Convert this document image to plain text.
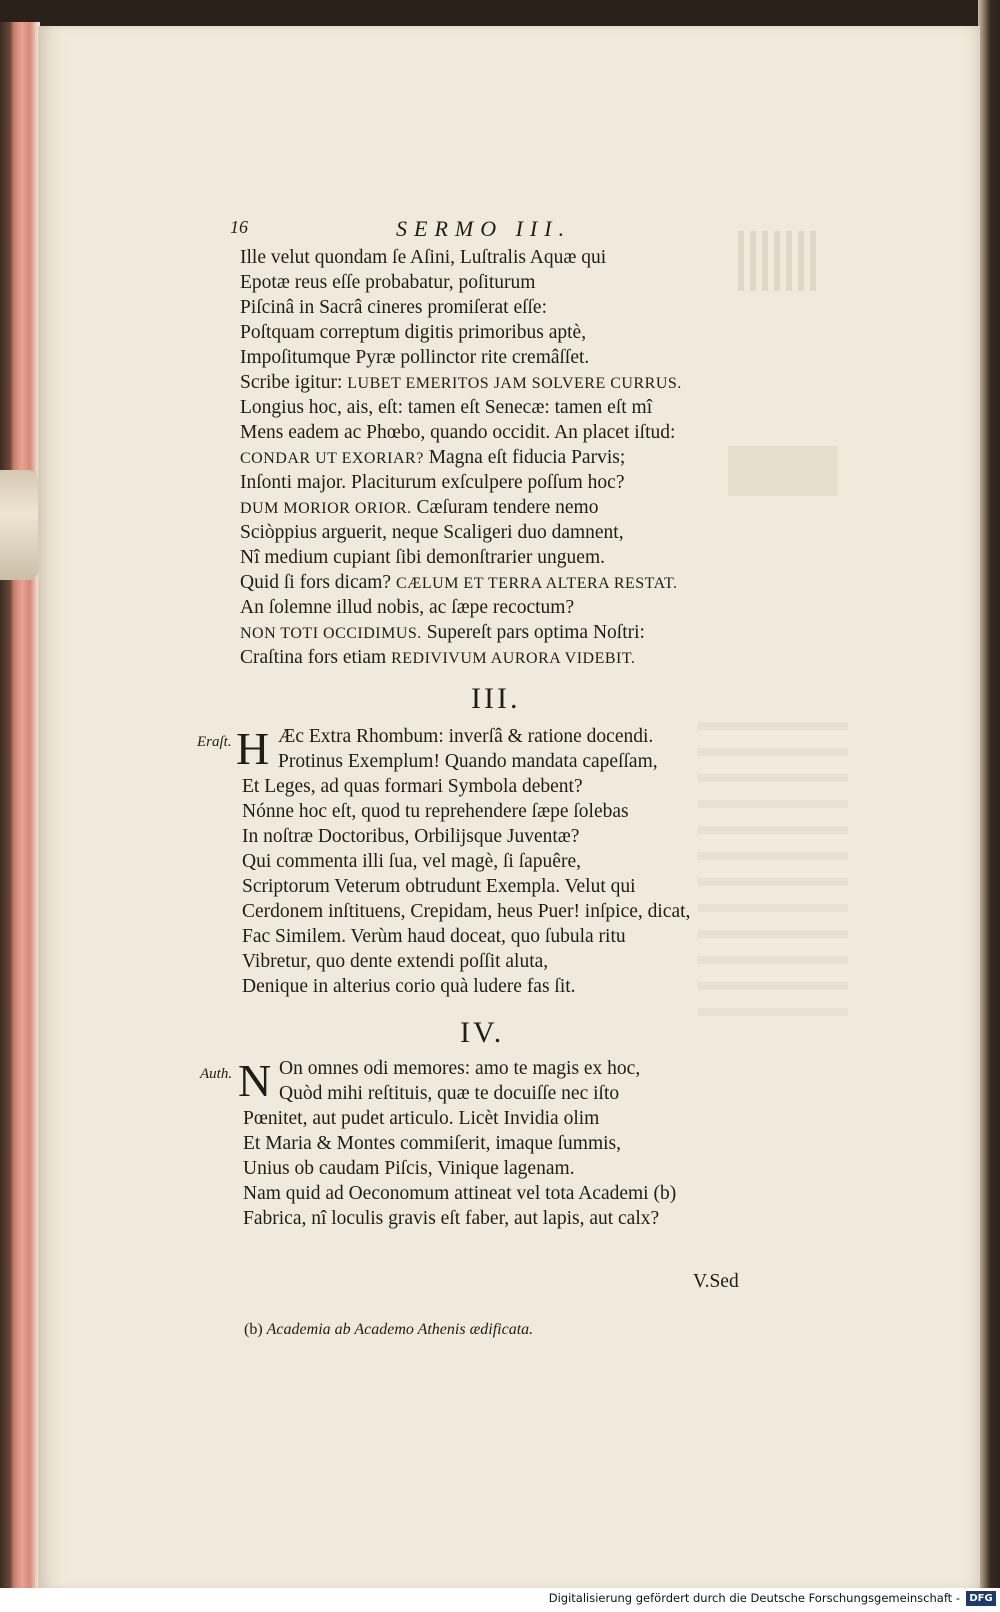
16	SERMO III.
Ille velut quondam ſe Aſini, Luſtralis Aquæ qui
Epotæ reus eſſe probabatur, poſiturum
Piſcinâ in Sacrâ cineres promiſerat eſſe:
Poſtquam correptum digitis primoribus aptè,
Impoſitumque Pyræ pollinctor rite cremâſſet.
Scribe igitur: LUBET EMERITOS JAM SOLVERE CURRUS.
Longius hoc, ais, eſt: tamen eſt Senecæ: tamen eſt mî
Mens eadem ac Phœbo, quando occidit. An placet iſtud:
CONDAR UT EXORIAR? Magna eſt fiducia Parvis;
Inſonti major. Placiturum exſculpere poſſum hoc?
DUM MORIOR ORIOR. Cæſuram tendere nemo
Sciòppius arguerit, neque Scaligeri duo damnent,
Nî medium cupiant ſibi demonſtrarier unguem.
Quid ſi fors dicam? CÆLUM ET TERRA ALTERA RESTAT.
An ſolemne illud nobis, ac ſæpe recoctum?
NON TOTI OCCIDIMUS. Supereſt pars optima Noſtri:
Craſtina fors etiam REDIVIVUM AURORA VIDEBIT.
III.
Eraſt. H Æc Extra Rhombum: inverſâ & ratione docendi.
Protinus Exemplum! Quando mandata capeſſam,
Et Leges, ad quas formari Symbola debent?
Nónne hoc eſt, quod tu reprehendere ſæpe ſolebas
In noſtræ Doctoribus, Orbilijsque Juventæ?
Qui commenta illi ſua, vel magè, ſi ſapuêre,
Scriptorum Veterum obtrudunt Exempla. Velut qui
Cerdonem inſtituens, Crepidam, heus Puer! inſpice, dicat,
Fac Similem. Verùm haud doceat, quo ſubula ritu
Vibretur, quo dente extendi poſſit aluta,
Denique in alterius corio quà ludere fas ſit.
IV.
Auth. N On omnes odi memores: amo te magis ex hoc,
Quòd mihi reſtituis, quæ te docuiſſe nec iſto
Pœnitet, aut pudet articulo. Licèt Invidia olim
Et Maria & Montes commiſerit, imaque ſummis,
Unius ob caudam Piſcis, Vinique lagenam.
Nam quid ad Oeconomum attineat vel tota Academi (b)
Fabrica, nî loculis gravis eſt faber, aut lapis, aut calx?
V.Sed
(b) Academia ab Academo Athenis ædificata.
Digitalisierung gefördert durch die Deutsche Forschungsgemeinschaft - DFG
